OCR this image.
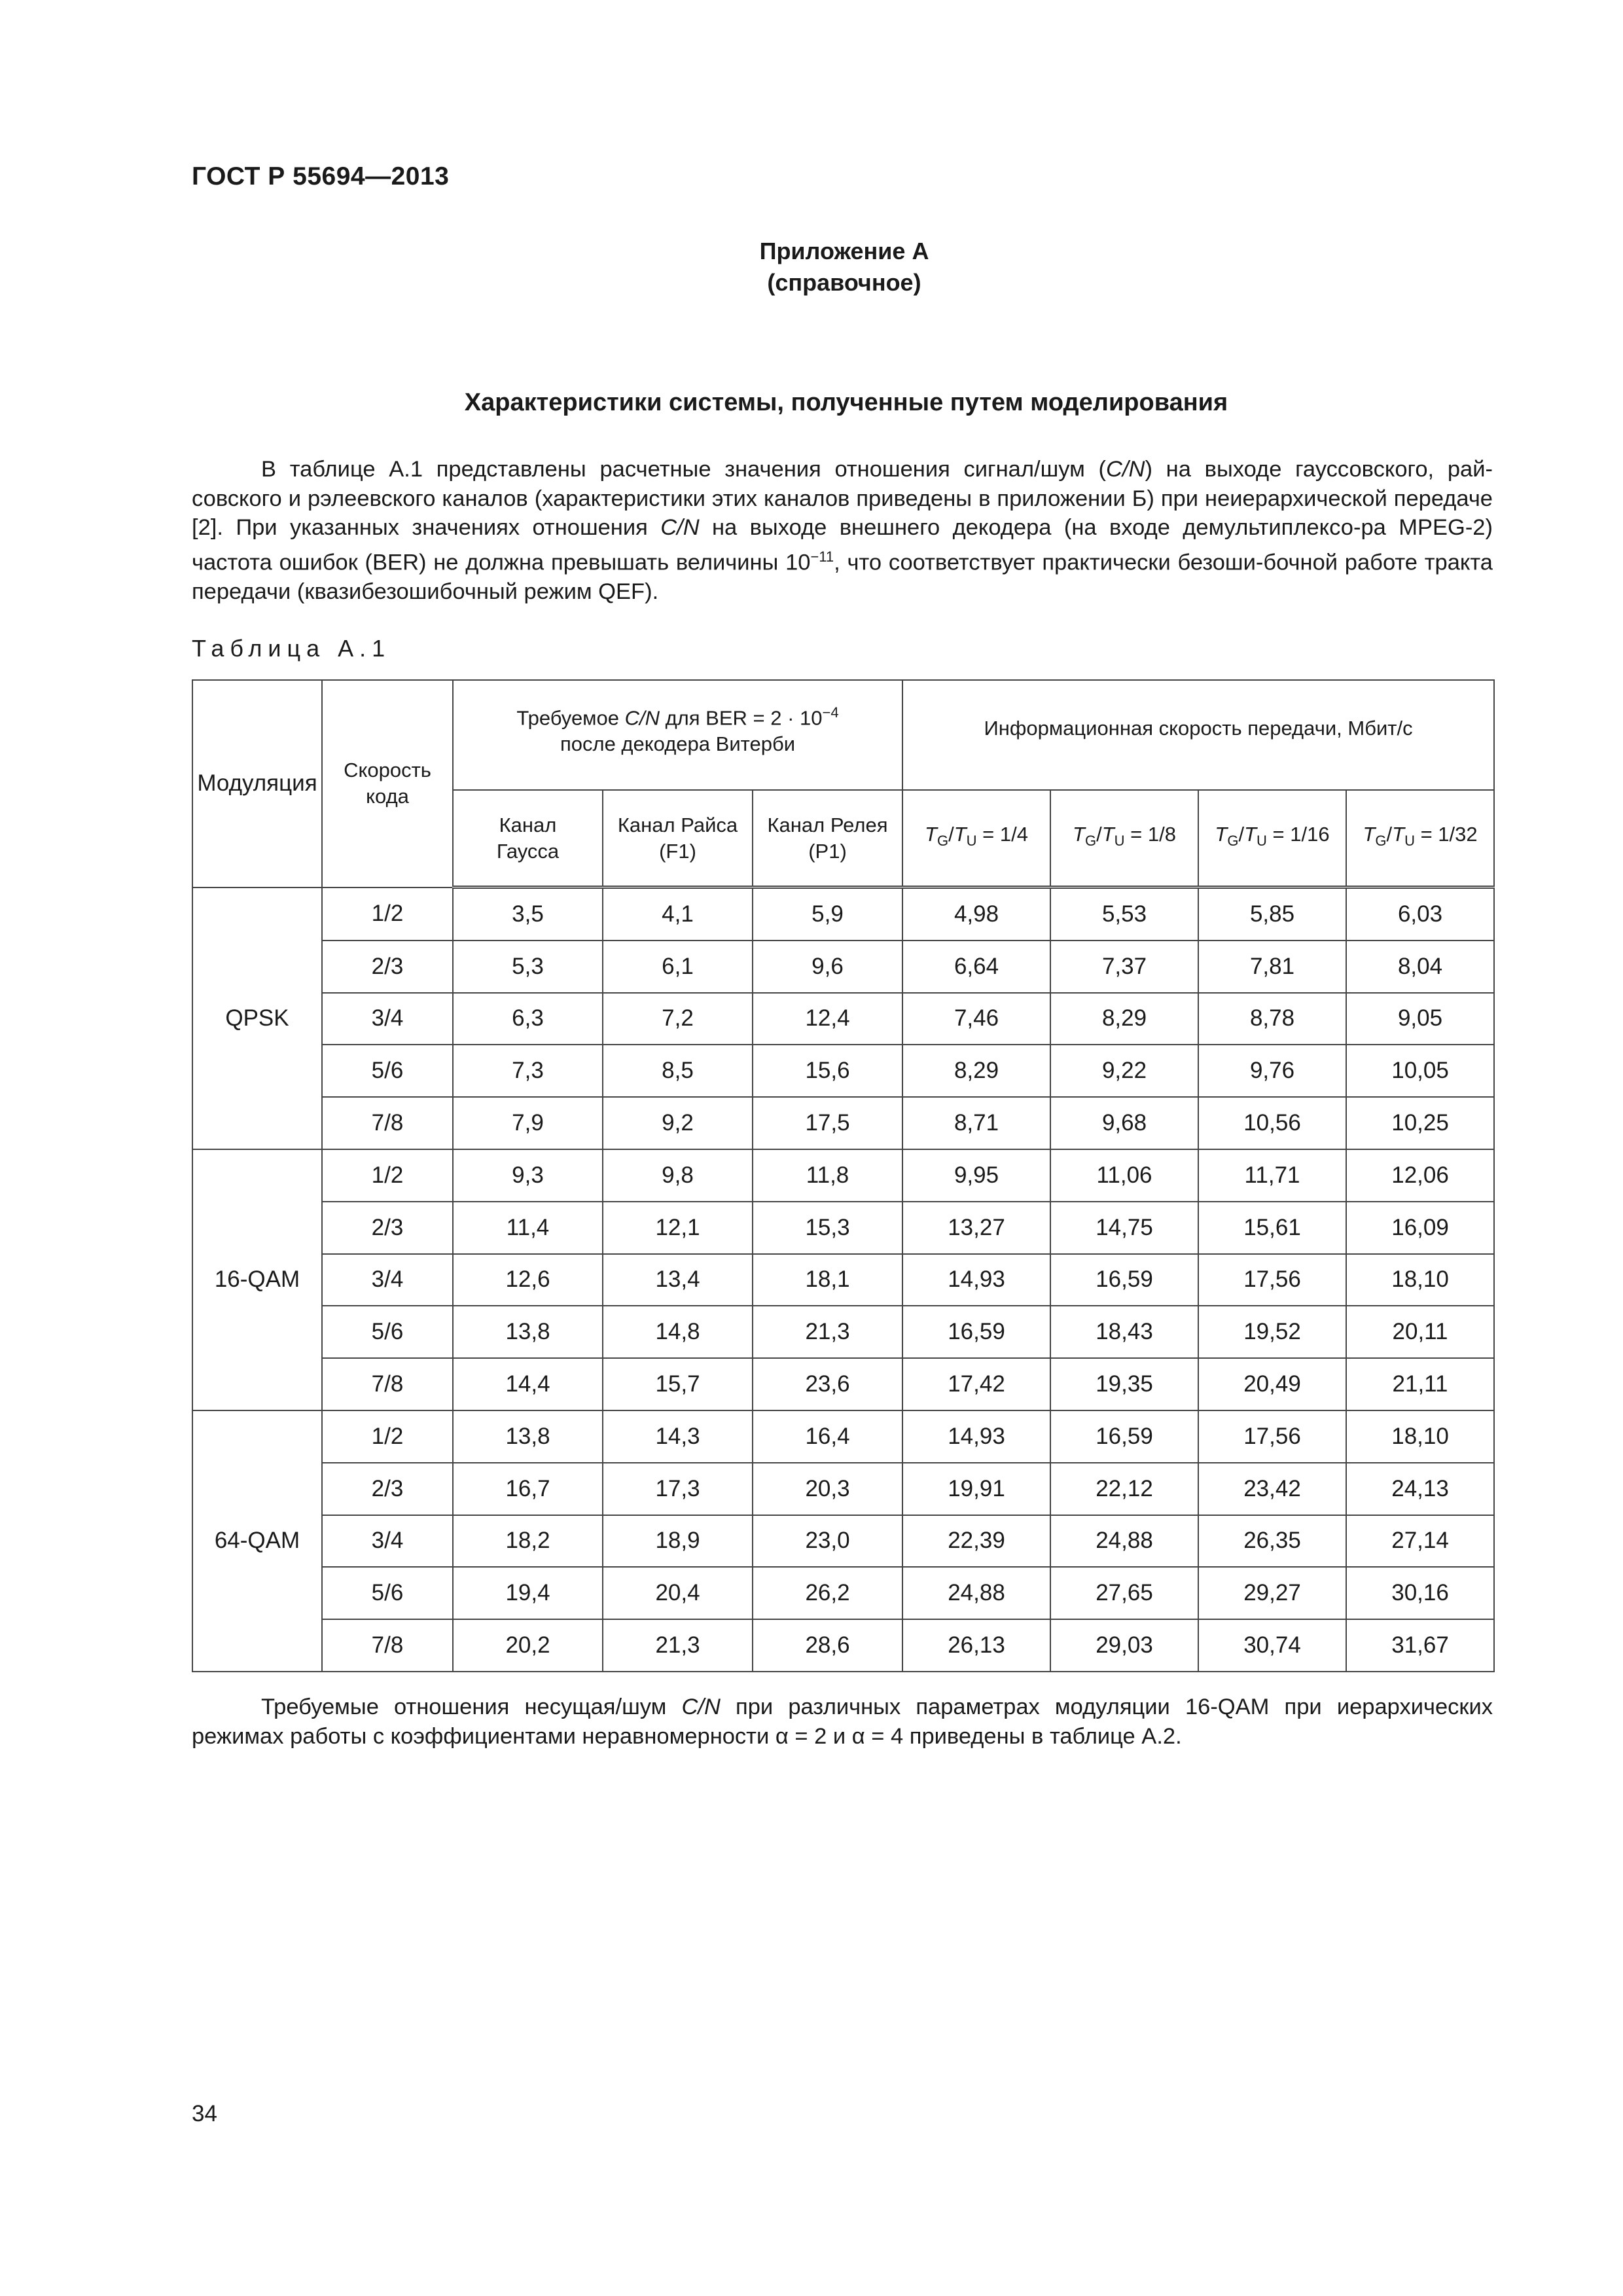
ГОСТ Р 55694—2013
Приложение А
(справочное)
Характеристики системы, полученные путем моделирования

В таблице А.1 представлены расчетные значения отношения сигнал/шум (C/N) на выходе гауссовского, рай-совского и рэлеевского каналов (характеристики этих каналов приведены в приложении Б) при неиерархической передаче [2]. При указанных значениях отношения C/N на выходе внешнего декодера (на входе демультиплексо-ра MPEG-2) частота ошибок (BER) не должна превышать величины $10^{-11}$, что соответствует практически безоши-бочной работе тракта передачи (квазибезошибочный режим QEF).

Таблица А.1
Модуляция	Скорость кода	Требуемое C/N для BER = $2 \cdot 10^{-4}$
после декодера Витерби			Информационная скорость передачи, Мбит/с			
		Канал Гаусса	Канал Райса (F1)	Канал Релея (P1)	$T_G/T_U = 1/4$	$T_G/T_U = 1/8$	$T_G/T_U = 1/16$	$T_G/T_U = 1/32$
QPSK	1/2	3,5	4,1	5,9	4,98	5,53	5,85	6,03
	2/3	5,3	6,1	9,6	6,64	7,37	7,81	8,04
	3/4	6,3	7,2	12,4	7,46	8,29	8,78	9,05
	5/6	7,3	8,5	15,6	8,29	9,22	9,76	10,05
	7/8	7,9	9,2	17,5	8,71	9,68	10,56	10,25
16-QAM	1/2	9,3	9,8	11,8	9,95	11,06	11,71	12,06
	2/3	11,4	12,1	15,3	13,27	14,75	15,61	16,09
	3/4	12,6	13,4	18,1	14,93	16,59	17,56	18,10
	5/6	13,8	14,8	21,3	16,59	18,43	19,52	20,11
	7/8	14,4	15,7	23,6	17,42	19,35	20,49	21,11
64-QAM	1/2	13,8	14,3	16,4	14,93	16,59	17,56	18,10
	2/3	16,7	17,3	20,3	19,91	22,12	23,42	24,13
	3/4	18,2	18,9	23,0	22,39	24,88	26,35	27,14
	5/6	19,4	20,4	26,2	24,88	27,65	29,27	30,16
	7/8	20,2	21,3	28,6	26,13	29,03	30,74	31,67

Требуемые отношения несущая/шум C/N при различных параметрах модуляции 16-QAM при иерархических режимах работы с коэффициентами неравномерности α = 2 и α = 4 приведены в таблице А.2.

34
